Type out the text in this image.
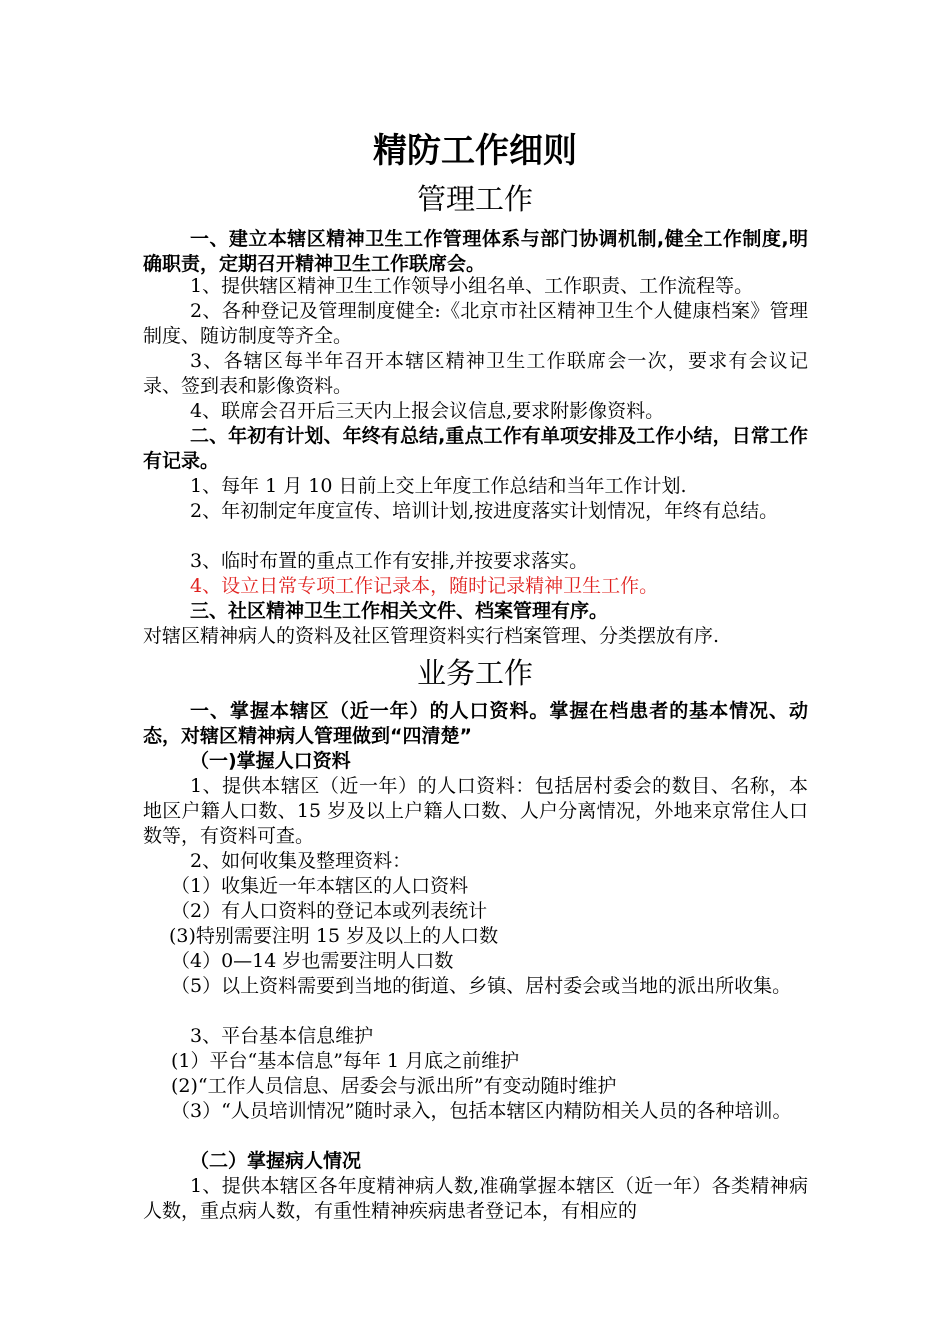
精防工作细则
管理工作

一、建立本辖区精神卫生工作管理体系与部门协调机制,健全工作制度,明确职责，定期召开精神卫生工作联席会。

1、提供辖区精神卫生工作领导小组名单、工作职责、工作流程等。

2、各种登记及管理制度健全:《北京市社区精神卫生个人健康档案》管理制度、随访制度等齐全。

3、各辖区每半年召开本辖区精神卫生工作联席会一次，要求有会议记录、签到表和影像资料。

4、联席会召开后三天内上报会议信息,要求附影像资料。

二、年初有计划、年终有总结,重点工作有单项安排及工作小结，日常工作有记录。

1、每年 1 月 10 日前上交上年度工作总结和当年工作计划.

2、年初制定年度宣传、培训计划,按进度落实计划情况，年终有总结。

3、临时布置的重点工作有安排,并按要求落实。

4、设立日常专项工作记录本，随时记录精神卫生工作。

三、社区精神卫生工作相关文件、档案管理有序。

对辖区精神病人的资料及社区管理资料实行档案管理、分类摆放有序.

业务工作

一、掌握本辖区（近一年）的人口资料。掌握在档患者的基本情况、动态，对辖区精神病人管理做到“四清楚”

（一)掌握人口资料

1、提供本辖区（近一年）的人口资料：包括居村委会的数目、名称，本地区户籍人口数、15 岁及以上户籍人口数、人户分离情况，外地来京常住人口数等，有资料可查。

2、如何收集及整理资料：

（1）收集近一年本辖区的人口资料

（2）有人口资料的登记本或列表统计

(3)特别需要注明 15 岁及以上的人口数

（4）0—14 岁也需要注明人口数

（5）以上资料需要到当地的街道、乡镇、居村委会或当地的派出所收集。

3、平台基本信息维护

(1）平台“基本信息”每年 1 月底之前维护

(2)“工作人员信息、居委会与派出所”有变动随时维护

（3）“人员培训情况”随时录入，包括本辖区内精防相关人员的各种培训。

（二）掌握病人情况

1、提供本辖区各年度精神病人数,准确掌握本辖区（近一年）各类精神病人数，重点病人数，有重性精神疾病患者登记本，有相应的
